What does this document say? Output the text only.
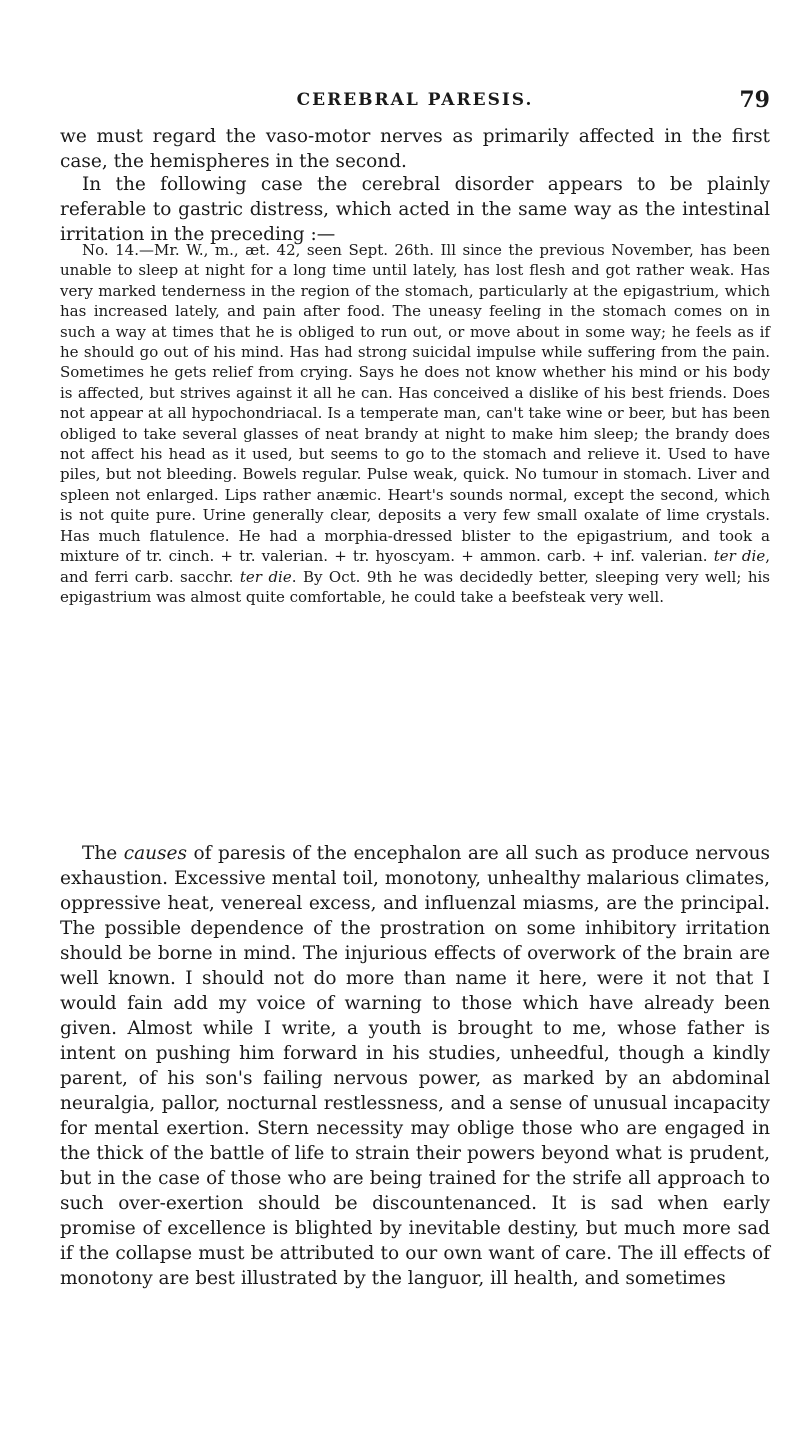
CEREBRAL PARESIS.	79

we must regard the vaso-motor nerves as primarily affected in the first case, the hemispheres in the second.

In the following case the cerebral disorder appears to be plainly referable to gastric distress, which acted in the same way as the intestinal irritation in the preceding :—

No. 14.—Mr. W., m., æt. 42, seen Sept. 26th. Ill since the previous November, has been unable to sleep at night for a long time until lately, has lost flesh and got rather weak. Has very marked tenderness in the region of the stomach, particularly at the epigastrium, which has increased lately, and pain after food. The uneasy feeling in the stomach comes on in such a way at times that he is obliged to run out, or move about in some way; he feels as if he should go out of his mind. Has had strong suicidal impulse while suffering from the pain. Sometimes he gets relief from crying. Says he does not know whether his mind or his body is affected, but strives against it all he can. Has conceived a dislike of his best friends. Does not appear at all hypochondriacal. Is a temperate man, can't take wine or beer, but has been obliged to take several glasses of neat brandy at night to make him sleep; the brandy does not affect his head as it used, but seems to go to the stomach and relieve it. Used to have piles, but not bleeding. Bowels regular. Pulse weak, quick. No tumour in stomach. Liver and spleen not enlarged. Lips rather anæmic. Heart's sounds normal, except the second, which is not quite pure. Urine generally clear, deposits a very few small oxalate of lime crystals. Has much flatulence. He had a morphia-dressed blister to the epigastrium, and took a mixture of tr. cinch. + tr. valerian. + tr. hyoscyam. + ammon. carb. + inf. valerian. ter die, and ferri carb. sacchr. ter die. By Oct. 9th he was decidedly better, sleeping very well; his epigastrium was almost quite comfortable, he could take a beefsteak very well.

The causes of paresis of the encephalon are all such as produce nervous exhaustion. Excessive mental toil, monotony, unhealthy malarious climates, oppressive heat, venereal excess, and influenzal miasms, are the principal. The possible dependence of the prostration on some inhibitory irritation should be borne in mind. The injurious effects of overwork of the brain are well known. I should not do more than name it here, were it not that I would fain add my voice of warning to those which have already been given. Almost while I write, a youth is brought to me, whose father is intent on pushing him forward in his studies, unheedful, though a kindly parent, of his son's failing nervous power, as marked by an abdominal neuralgia, pallor, nocturnal restlessness, and a sense of unusual incapacity for mental exertion. Stern necessity may oblige those who are engaged in the thick of the battle of life to strain their powers beyond what is prudent, but in the case of those who are being trained for the strife all approach to such over-exertion should be discountenanced. It is sad when early promise of excellence is blighted by inevitable destiny, but much more sad if the collapse must be attributed to our own want of care. The ill effects of monotony are best illustrated by the languor, ill health, and sometimes
